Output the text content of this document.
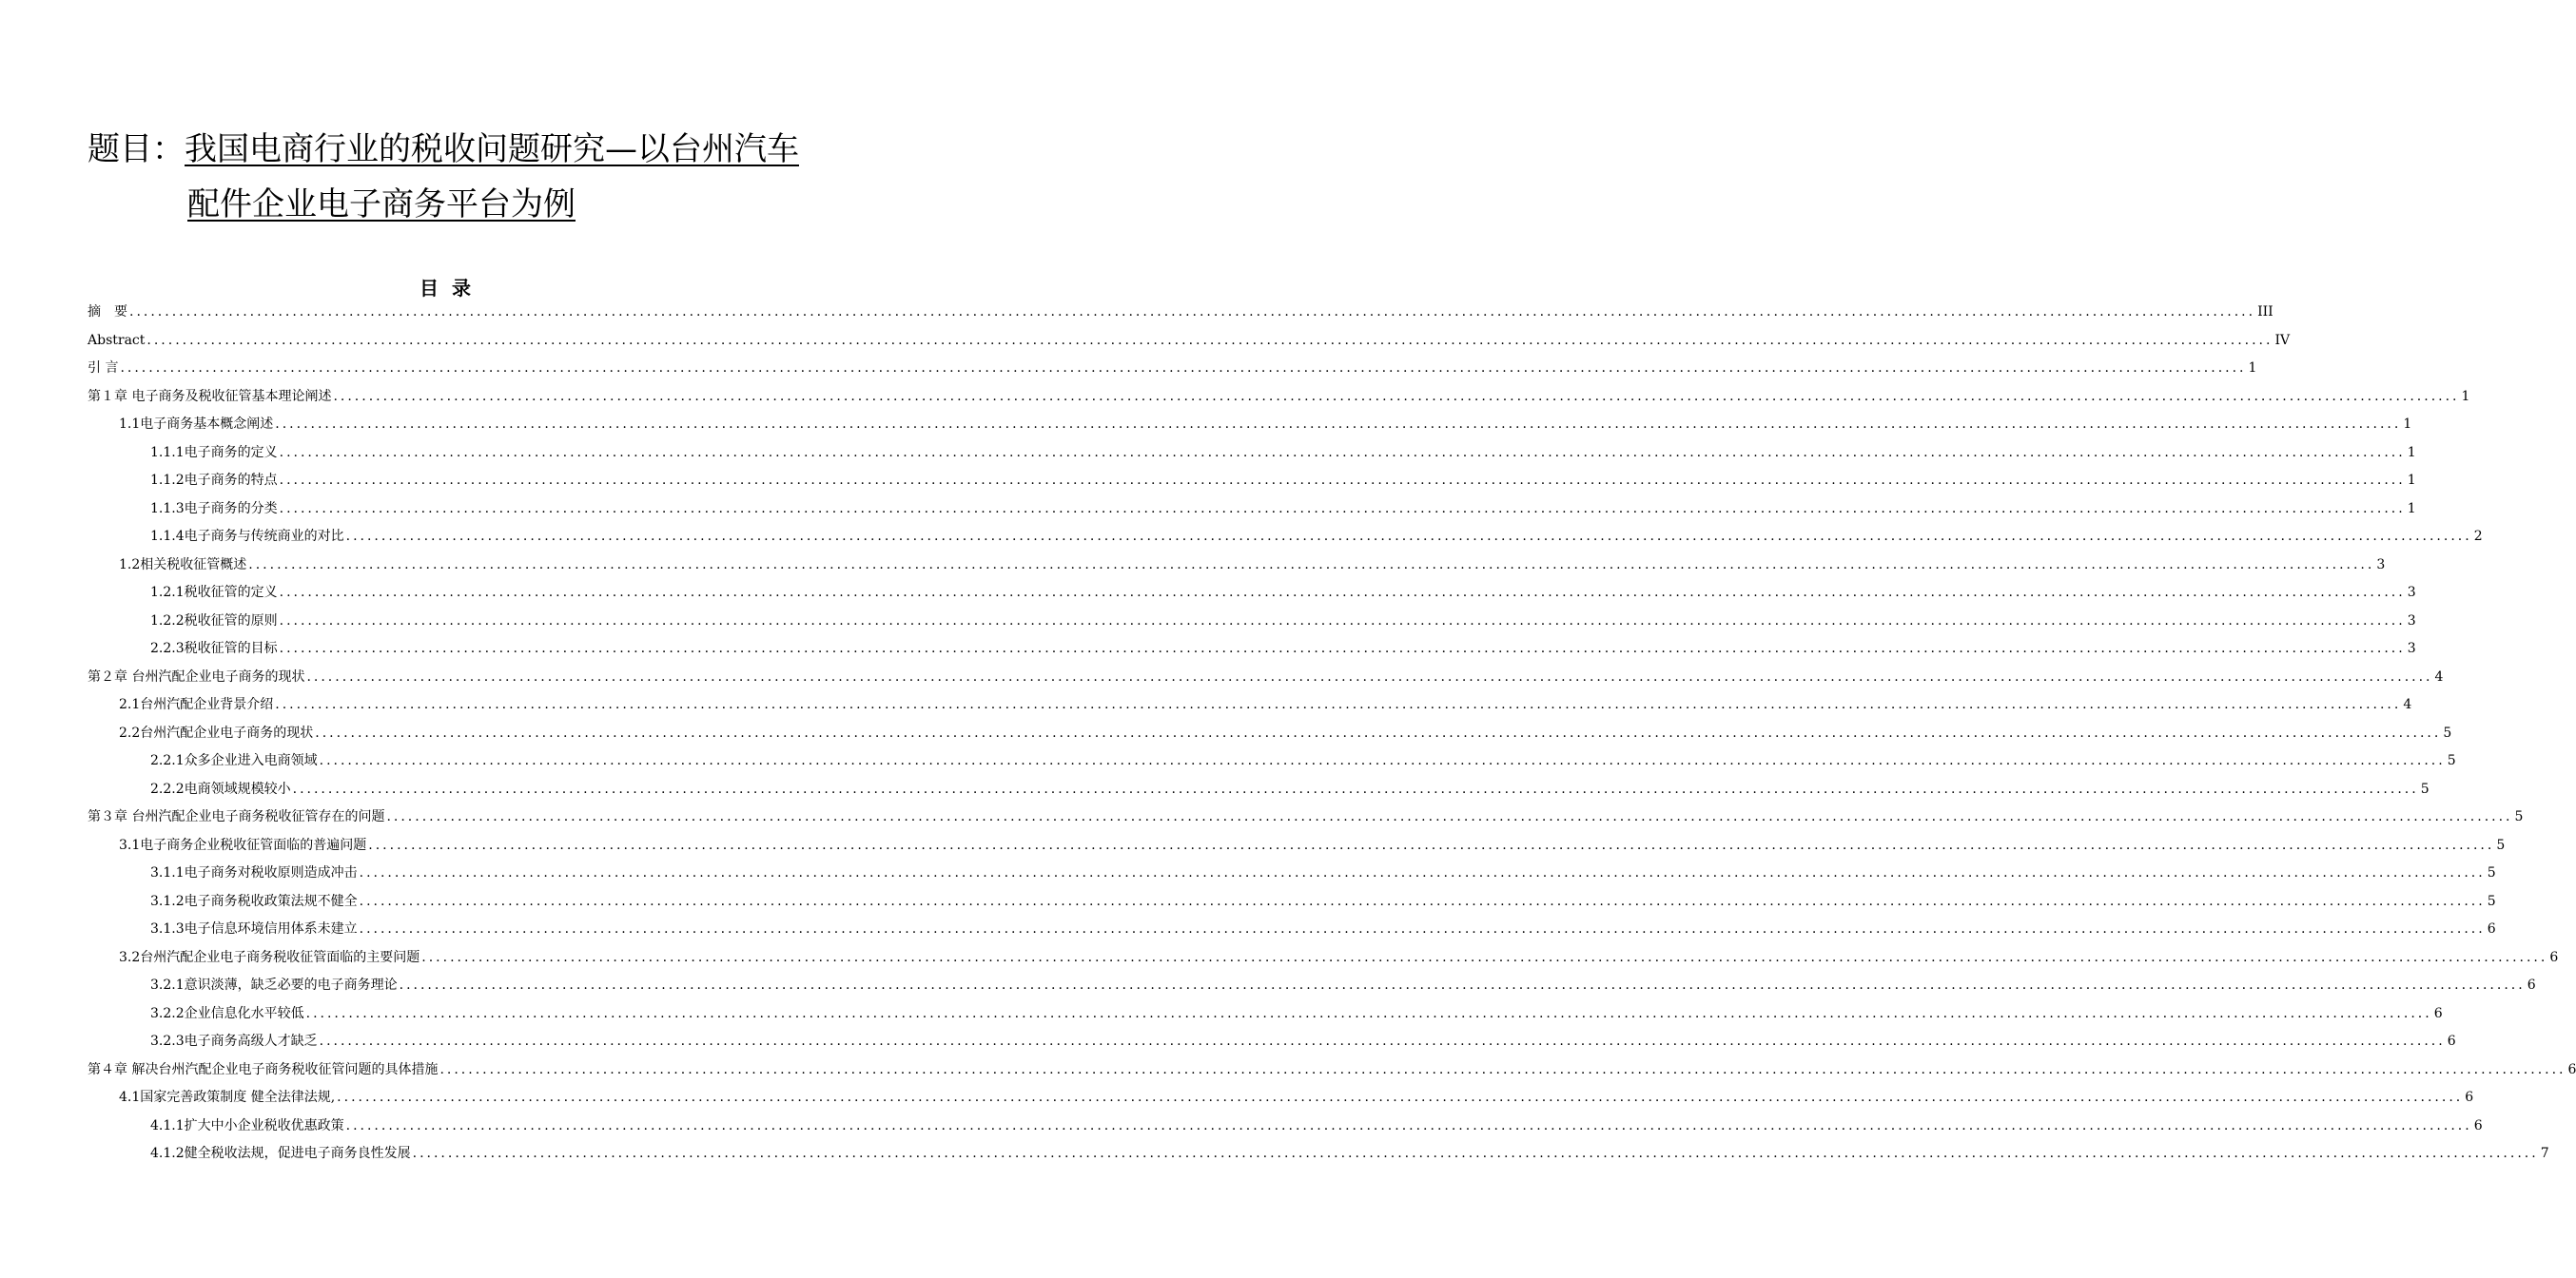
题目：我国电商行业的税收问题研究—以台州汽车
配件企业电子商务平台为例
目录
摘　要 ............................................................................................................................................................................................................................................................................................................ III
Abstract ............................................................................................................................................................................................................................................................................................................ IV
引 言 ............................................................................................................................................................................................................................................................................................................ 1
第１章 电子商务及税收征管基本理论阐述 ............................................................................................................................................................................................................................................................................................................ 1
1.1电子商务基本概念阐述 ............................................................................................................................................................................................................................................................................................................ 1
1.1.1电子商务的定义 ............................................................................................................................................................................................................................................................................................................ 1
1.1.2电子商务的特点 ............................................................................................................................................................................................................................................................................................................ 1
1.1.3电子商务的分类 ............................................................................................................................................................................................................................................................................................................ 1
1.1.4电子商务与传统商业的对比 ............................................................................................................................................................................................................................................................................................................ 2
1.2相关税收征管概述 ............................................................................................................................................................................................................................................................................................................ 3
1.2.1税收征管的定义 ............................................................................................................................................................................................................................................................................................................ 3
1.2.2税收征管的原则 ............................................................................................................................................................................................................................................................................................................ 3
2.2.3税收征管的目标 ............................................................................................................................................................................................................................................................................................................ 3
第２章 台州汽配企业电子商务的现状 ............................................................................................................................................................................................................................................................................................................ 4
2.1台州汽配企业背景介绍 ............................................................................................................................................................................................................................................................................................................ 4
2.2台州汽配企业电子商务的现状 ............................................................................................................................................................................................................................................................................................................ 5
2.2.1众多企业进入电商领域 ............................................................................................................................................................................................................................................................................................................ 5
2.2.2电商领域规模较小 ............................................................................................................................................................................................................................................................................................................ 5
第３章 台州汽配企业电子商务税收征管存在的问题 ............................................................................................................................................................................................................................................................................................................ 5
3.1电子商务企业税收征管面临的普遍问题 ............................................................................................................................................................................................................................................................................................................ 5
3.1.1电子商务对税收原则造成冲击 ............................................................................................................................................................................................................................................................................................................ 5
3.1.2电子商务税收政策法规不健全 ............................................................................................................................................................................................................................................................................................................ 5
3.1.3电子信息环境信用体系未建立 ............................................................................................................................................................................................................................................................................................................ 6
3.2台州汽配企业电子商务税收征管面临的主要问题 ............................................................................................................................................................................................................................................................................................................ 6
3.2.1意识淡薄，缺乏必要的电子商务理论 ............................................................................................................................................................................................................................................................................................................ 6
3.2.2企业信息化水平较低 ............................................................................................................................................................................................................................................................................................................ 6
3.2.3电子商务高级人才缺乏 ............................................................................................................................................................................................................................................................................................................ 6
第４章 解决台州汽配企业电子商务税收征管问题的具体措施 ............................................................................................................................................................................................................................................................................................................ 6
4.1国家完善政策制度 健全法律法规, ............................................................................................................................................................................................................................................................................................................ 6
4.1.1扩大中小企业税收优惠政策 ............................................................................................................................................................................................................................................................................................................ 6
4.1.2健全税收法规，促进电子商务良性发展 ............................................................................................................................................................................................................................................................................................................ 7
